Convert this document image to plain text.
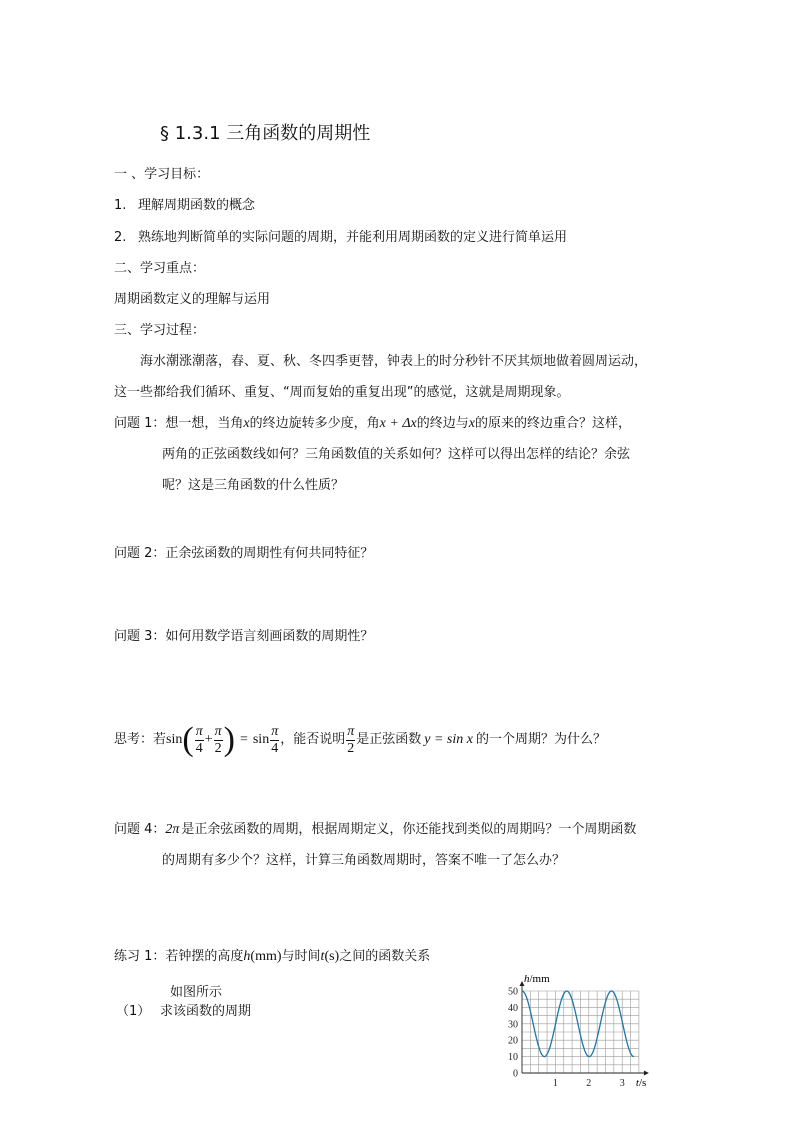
§ 1.3.1 三角函数的周期性
一 、学习目标：
1. 理解周期函数的概念
2. 熟练地判断简单的实际问题的周期，并能利用周期函数的定义进行简单运用
二、学习重点：
周期函数定义的理解与运用
三、学习过程：
海水潮涨潮落，春、夏、秋、冬四季更替，钟表上的时分秒针不厌其烦地做着圆周运动，
这一些都给我们循环、重复、“周而复始的重复出现”的感觉，这就是周期现象。
问题 1：想一想，当角x的终边旋转多少度，角x + Δx的终边与x的原来的终边重合？这样，
两角的正弦函数线如何？三角函数值的关系如何？这样可以得出怎样的结论？余弦
呢？这是三角函数的什么性质？
问题 2：正余弦函数的周期性有何共同特征？
问题 3：如何用数学语言刻画函数的周期性？
思考：若 sin ( $\frac{\pi}{4} + \frac{\pi}{2}$ ) = $\sin \frac{\pi}{4}$ ，能否说明 $\frac{\pi}{2}$ 是正弦函数 y = sin x 的一个周期？为什么？
问题 4：2π 是正余弦函数的周期，根据周期定义，你还能找到类似的周期吗？一个周期函数
的周期有多少个？这样，计算三角函数周期时，答案不唯一了怎么办？
练习 1：若钟摆的高度h(mm)与时间t(s)之间的函数关系
如图所示
（1） 求该函数的周期
0
10
20
30
40
50
1	2	3
h/mm
t/s
